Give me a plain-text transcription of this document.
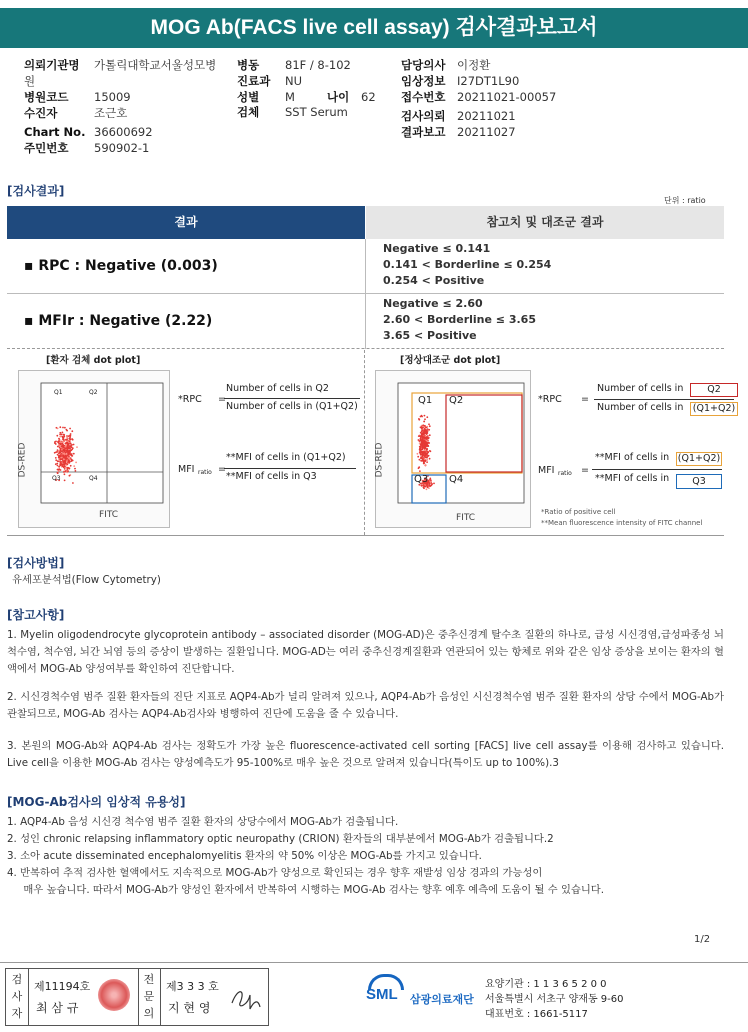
MOG Ab(FACS live cell assay) 검사결과보고서
의뢰기관명 가톨릭대학교서울성모병원
병원코드 15009
수진자	조근호
Chart No. 36600692
주민번호 590902-1
병동 81F / 8-102
진료과 NU
성별 M	나이 62
검체 SST Serum
담당의사 이정환
임상정보 I27DT1L90
접수번호 20211021-00057
검사의뢰 20211021
결과보고 20211027
[검사결과]
단위 : ratio
결과	참고치 및 대조군 결과
▪ RPC : Negative (0.003)
Negative ≤ 0.141
0.141 < Borderline ≤ 0.254
0.254 < Positive
▪ MFIr : Negative (2.22)
Negative ≤ 2.60
2.60 < Borderline ≤ 3.65
3.65 < Positive
[환자 검체 dot plot]	[정상대조군 dot plot]
Q1	Q2
Q3	Q4
DS-RED
FITC
*RPC =
Number of cells in Q2
Number of cells in (Q1+Q2)
MFI ratio =
**MFI of cells in (Q1+Q2)
**MFI of cells in Q3
Q1 Q2
Q3 Q4
DS-RED
FITC
*RPC =
Number of cells in	Q2
Number of cells in (Q1+Q2)
MFI ratio =
**MFI of cells in (Q1+Q2)
**MFI of cells in	Q3
*Ratio of positive cell
**Mean fluorescence intensity of FITC channel
[검사방법]
유세포분석법(Flow Cytometry)
[참고사항]
1. Myelin oligodendrocyte glycoprotein antibody – associated disorder (MOG-AD)은 중추신경계 탈수초 질환의 하나로, 급성 시신경염,급성파종성 뇌척수염, 척수염, 뇌간 뇌염 등의 증상이 발생하는 질환입니다. MOG-AD는 여러 중추신경계질환과 연관되어 있는 항체로 위와 같은 임상 증상을 보이는 환자의 혈액에서 MOG-Ab 양성여부를 확인하여 진단합니다.
2. 시신경척수염 범주 질환 환자들의 진단 지표로 AQP4-Ab가 널리 알려져 있으나, AQP4-Ab가 음성인 시신경척수염 범주 질환 환자의 상당 수에서 MOG-Ab가 관찰되므로, MOG-Ab 검사는 AQP4-Ab검사와 병행하여 진단에 도움을 줄 수 있습니다.
3. 본원의 MOG-Ab와 AQP4-Ab 검사는 정확도가 가장 높은 fluorescence-activated cell sorting [FACS] live cell assay를 이용해 검사하고 있습니다. Live cell을 이용한 MOG-Ab 검사는 양성예측도가 95-100%로 매우 높은 것으로 알려져 있습니다(특이도 up to 100%).3
[MOG-Ab검사의 임상적 유용성]
1. AQP4-Ab 음성 시신경 척수염 범주 질환 환자의 상당수에서 MOG-Ab가 검출됩니다.
2. 성인 chronic relapsing inflammatory optic neuropathy (CRION) 환자들의 대부분에서 MOG-Ab가 검출됩니다.2
3. 소아 acute disseminated encephalomyelitis 환자의 약 50% 이상은 MOG-Ab를 가지고 있습니다.
4. 반복하여 추적 검사한 혈액에서도 지속적으로 MOG-Ab가 양성으로 확인되는 경우 향후 재발성 임상 경과의 가능성이
매우 높습니다. 따라서 MOG-Ab가 양성인 환자에서 반복하여 시행하는 MOG-Ab 검사는 향후 예후 예측에 도움이 될 수 있습니다.
1/2
검
사
자
제11194호
최 삼 규
전
문
의
제3 3 3 호
지 현 영
SML 삼광의료재단
요양기관 : 1 1 3 6 5 2 0 0
서울특별시 서초구 양재동 9-60
대표번호 : 1661-5117
